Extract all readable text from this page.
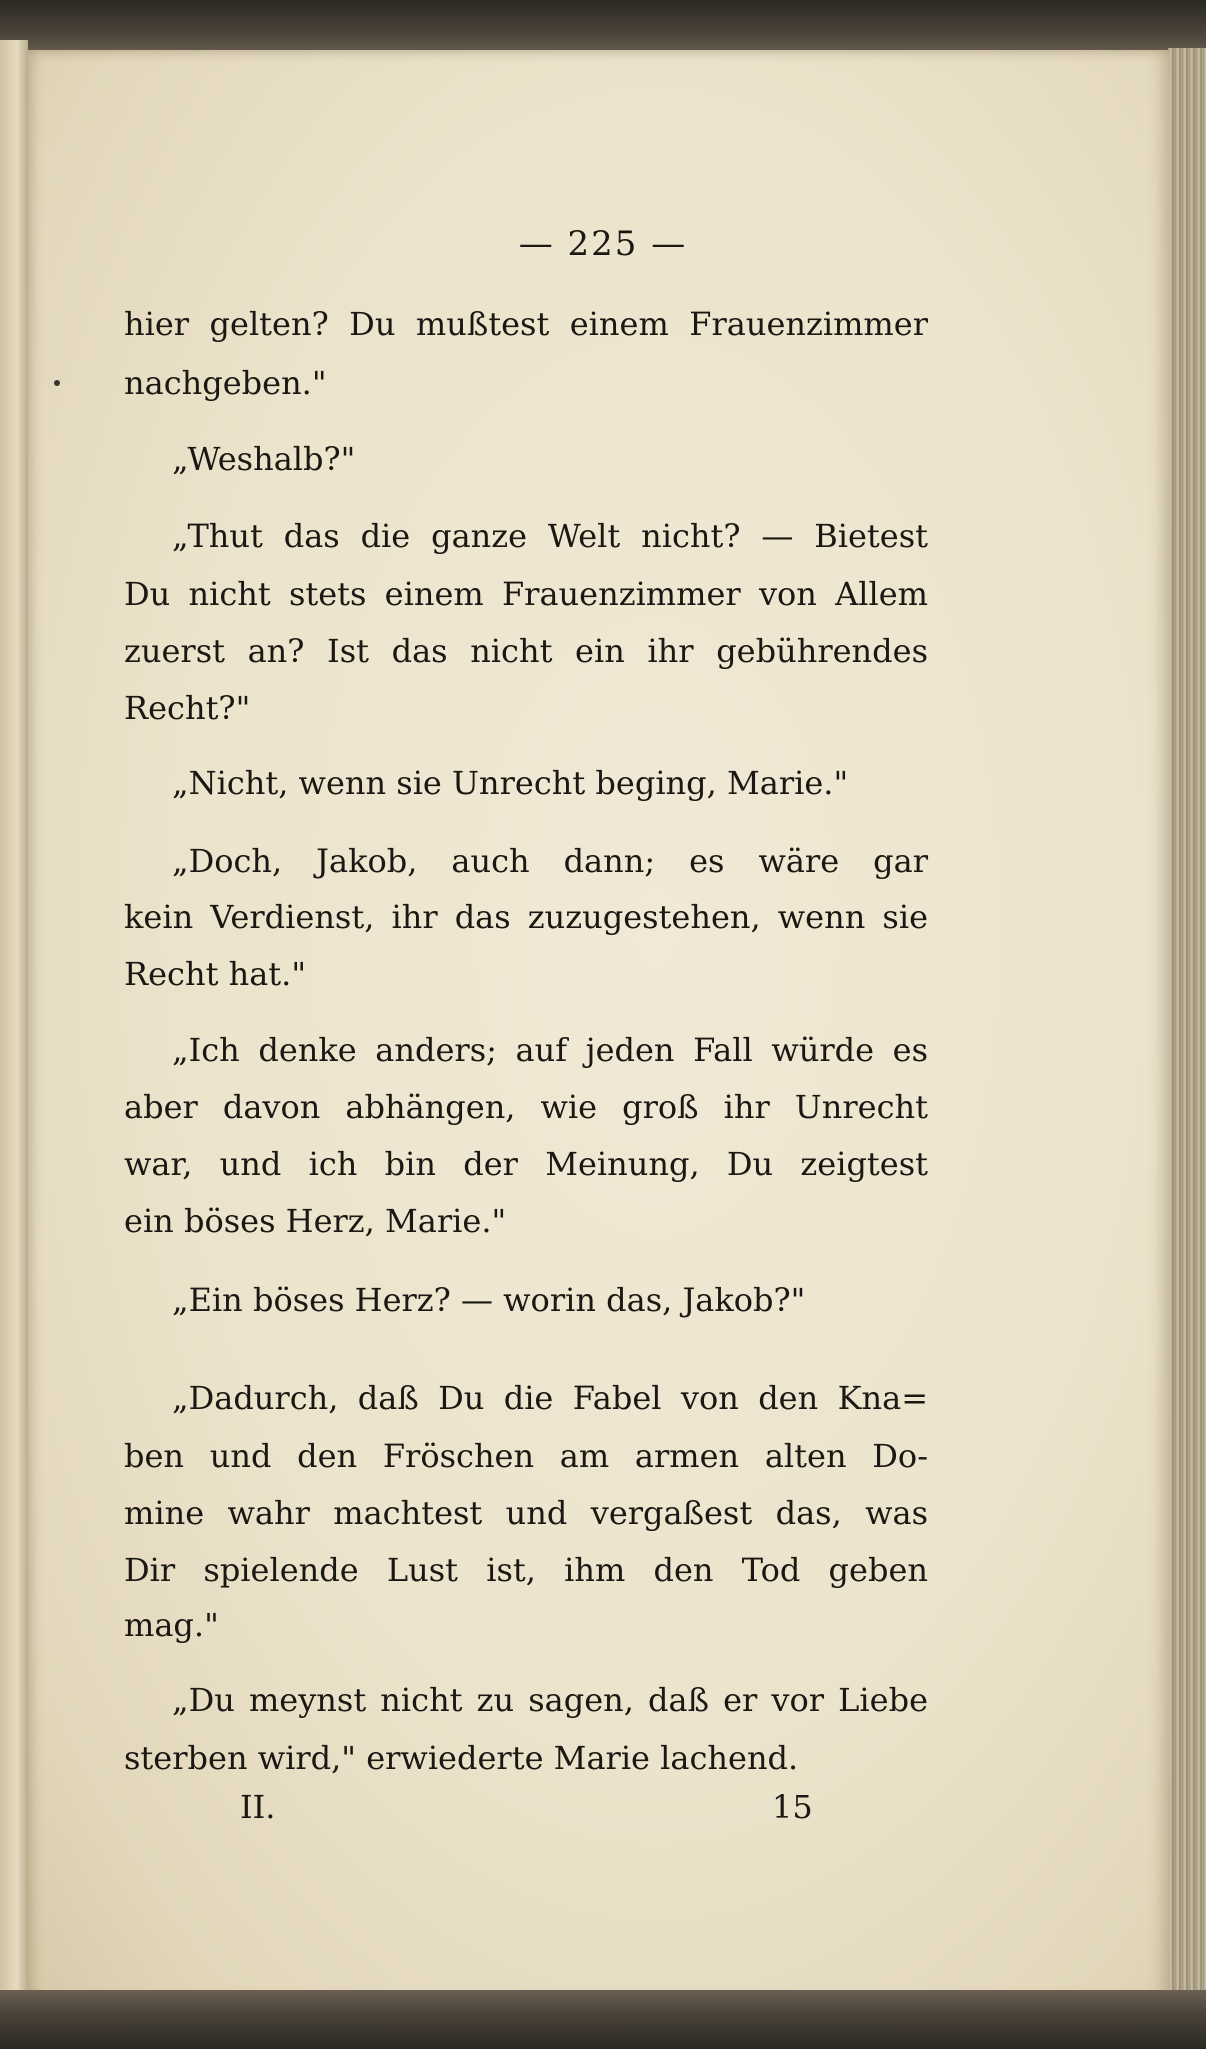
— 225 —
hier gelten? Du mußtest einem Frauenzimmer
nachgeben."
„Weshalb?"
„Thut das die ganze Welt nicht? — Bietest
Du nicht stets einem Frauenzimmer von Allem
zuerst an? Ist das nicht ein ihr gebührendes
Recht?"
„Nicht, wenn sie Unrecht beging, Marie."
„Doch, Jakob, auch dann; es wäre gar
kein Verdienst, ihr das zuzugestehen, wenn sie
Recht hat."
„Ich denke anders; auf jeden Fall würde es
aber davon abhängen, wie groß ihr Unrecht
war, und ich bin der Meinung, Du zeigtest
ein böses Herz, Marie."
„Ein böses Herz? — worin das, Jakob?"
„Dadurch, daß Du die Fabel von den Kna=
ben und den Fröschen am armen alten Do-
mine wahr machtest und vergaßest das, was
Dir spielende Lust ist, ihm den Tod geben
mag."
„Du meynst nicht zu sagen, daß er vor Liebe
sterben wird," erwiederte Marie lachend.
II.	15
